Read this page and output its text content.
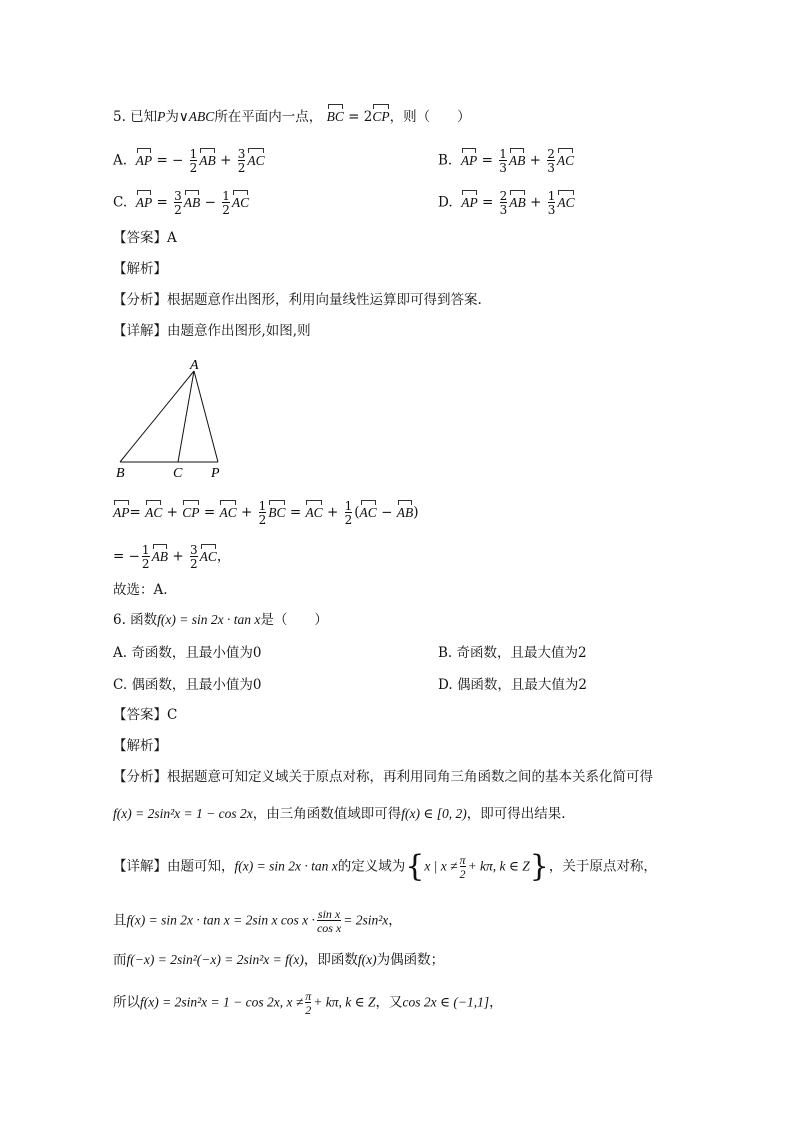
5. 已知P为∨ABC所在平面内一点， BC = 2CP，则（　　）
A. AP = − $\frac{1}{2}$ AB + $\frac{3}{2}$ AC	B. AP = $\frac{1}{3}$ AB + $\frac{2}{3}$ AC
C. AP = $\frac{3}{2}$ AB − $\frac{1}{2}$ AC	D. AP = $\frac{2}{3}$ AB + $\frac{1}{3}$ AC
【答案】A
【解析】
【分析】根据题意作出图形，利用向量线性运算即可得到答案.
【详解】由题意作出图形,如图,则
A
B	C P
AP= AC + CP = AC + $\frac{1}{2}$ BC = AC + $\frac{1}{2} (AC - AB)$
= − $\frac{1}{2}$ AB + $\frac{3}{2}$ AC，
故选：A.
6. 函数f(x) = sin 2x · tan x是（　　）
A. 奇函数，且最小值为0	B. 奇函数，且最大值为2
C. 偶函数，且最小值为0	D. 偶函数，且最大值为2
【答案】C
【解析】
【分析】根据题意可知定义域关于原点对称，再利用同角三角函数之间的基本关系化简可得
f(x) = 2sin²x = 1 − cos 2x，由三角函数值域即可得f(x) ∈ [0, 2)，即可得出结果.
【详解】由题可知，f(x) = sin 2x · tan x的定义域为{x | $x \ne \frac{\pi}{2} + k\pi$, k ∈ Z}，关于原点对称，
且f(x) = sin 2x · tan x = 2sin x $\cos x \cdot \frac{\text{sin x}}{\text{cos x}} = 2\sin^2x$，
而f(−x) = 2sin²(−x) = 2sin²x = f(x)，即函数f(x)为偶函数；
所以f(x) = 2sin²x = 1 − cos 2x, $x \ne \frac{\pi}{2} + k\pi$, k ∈ Z，又cos 2x ∈ (−1,1]，
